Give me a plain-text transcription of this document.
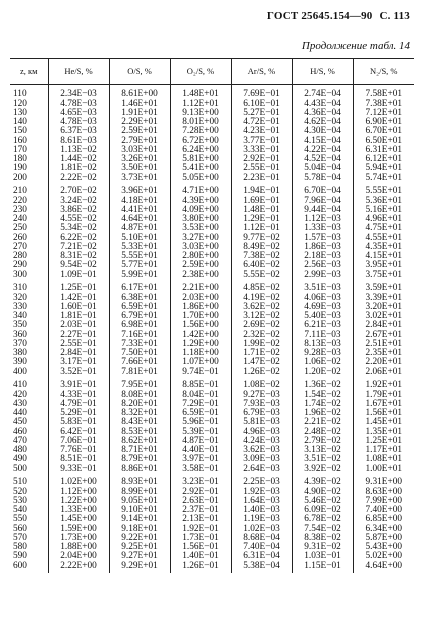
ГОСТ 25645.154—90 С. 113
Продолжение табл. 14
z, км	He/S, %	O/S, %	O₂/S, %	Ar/S, %	H/S, %	N₂/S, %
110	2.34E−03	8.61E+00	1.48E+01	7.69E−01	2.74E−04	7.58E+01
120	4.78E−03	1.46E+01	1.12E+01	6.10E−01	4.43E−04	7.38E+01
130	4.65E−03	1.91E+01	9.13E+00	5.27E−01	4.36E−04	7.12E+01
140	4.78E−03	2.29E+01	8.01E+00	4.72E−01	4.62E−04	6.90E+01
150	6.37E−03	2.59E+01	7.28E+00	4.23E−01	4.30E−04	6.70E+01
160	8.61E−03	2.79E+01	6.72E+00	3.77E−01	4.15E−04	6.50E+01
170	1.13E−02	3.03E+01	6.24E+00	3.33E−01	4.22E−04	6.31E+01
180	1.44E−02	3.26E+01	5.81E+00	2.92E−01	4.52E−04	6.12E+01
190	1.81E−02	3.50E+01	5.41E+00	2.55E−01	5.04E−04	5.94E+01
200	2.22E−02	3.73E+01	5.05E+00	2.23E−01	5.78E−04	5.74E+01
210	2.70E−02	3.96E+01	4.71E+00	1.94E−01	6.70E−04	5.55E+01
220	3.24E−02	4.18E+01	4.39E+00	1.69E−01	7.96E−04	5.36E+01
230	3.86E−02	4.41E+01	4.09E+00	1.48E−01	9.44E−04	5.16E+01
240	4.55E−02	4.64E+01	3.80E+00	1.29E−01	1.12E−03	4.96E+01
250	5.34E−02	4.87E+01	3.53E+00	1.12E−01	1.33E−03	4.75E+01
260	6.22E−02	5.10E+01	3.27E+00	9.77E−02	1.57E−03	4.55E+01
270	7.21E−02	5.33E+01	3.03E+00	8.49E−02	1.86E−03	4.35E+01
280	8.31E−02	5.55E+01	2.80E+00	7.38E−02	2.18E−03	4.15E+01
290	9.54E−02	5.77E+01	2.59E+00	6.40E−02	2.56E−03	3.95E+01
300	1.09E−01	5.99E+01	2.38E+00	5.55E−02	2.99E−03	3.75E+01
310	1.25E−01	6.17E+01	2.21E+00	4.85E−02	3.51E−03	3.59E+01
320	1.42E−01	6.38E+01	2.03E+00	4.19E−02	4.06E−03	3.39E+01
330	1.60E−01	6.59E+01	1.86E+00	3.62E−02	4.69E−03	3.20E+01
340	1.81E−01	6.79E+01	1.70E+00	3.12E−02	5.40E−03	3.02E+01
350	2.03E−01	6.98E+01	1.56E+00	2.69E−02	6.21E−03	2.84E+01
360	2.27E−01	7.16E+01	1.42E+00	2.32E−02	7.11E−03	2.67E+01
370	2.55E−01	7.33E+01	1.29E+00	1.99E−02	8.13E−03	2.51E+01
380	2.84E−01	7.50E+01	1.18E+00	1.71E−02	9.28E−03	2.35E+01
390	3.17E−01	7.66E+01	1.07E+00	1.47E−02	1.06E−02	2.20E+01
400	3.52E−01	7.81E+01	9.74E−01	1.26E−02	1.20E−02	2.06E+01
410	3.91E−01	7.95E+01	8.85E−01	1.08E−02	1.36E−02	1.92E+01
420	4.33E−01	8.08E+01	8.04E−01	9.27E−03	1.54E−02	1.79E+01
430	4.79E−01	8.20E+01	7.29E−01	7.93E−03	1.74E−02	1.67E+01
440	5.29E−01	8.32E+01	6.59E−01	6.79E−03	1.96E−02	1.56E+01
450	5.83E−01	8.43E+01	5.96E−01	5.81E−03	2.21E−02	1.45E+01
460	6.42E−01	8.53E+01	5.39E−01	4.96E−03	2.48E−02	1.35E+01
470	7.06E−01	8.62E+01	4.87E−01	4.24E−03	2.79E−02	1.25E+01
480	7.76E−01	8.71E+01	4.40E−01	3.62E−03	3.13E−02	1.17E+01
490	8.51E−01	8.79E+01	3.97E−01	3.09E−03	3.51E−02	1.08E+01
500	9.33E−01	8.86E+01	3.58E−01	2.64E−03	3.92E−02	1.00E+01
510	1.02E+00	8.93E+01	3.23E−01	2.25E−03	4.39E−02	9.31E+00
520	1.12E+00	8.99E+01	2.92E−01	1.92E−03	4.90E−02	8.63E+00
530	1.22E+00	9.05E+01	2.63E−01	1.64E−03	5.46E−02	7.99E+00
540	1.33E+00	9.10E+01	2.37E−01	1.40E−03	6.09E−02	7.40E+00
550	1.45E+00	9.14E+01	2.13E−01	1.19E−03	6.78E−02	6.85E+00
560	1.59E+00	9.18E+01	1.92E−01	1.02E−03	7.54E−02	6.34E+00
570	1.73E+00	9.22E+01	1.73E−01	8.68E−04	8.38E−02	5.87E+00
580	1.88E+00	9.25E+01	1.56E−01	7.40E−04	9.31E−02	5.43E+00
590	2.04E+00	9.27E+01	1.40E−01	6.31E−04	1.03E−01	5.02E+00
600	2.22E+00	9.29E+01	1.26E−01	5.38E−04	1.15E−01	4.64E+00
